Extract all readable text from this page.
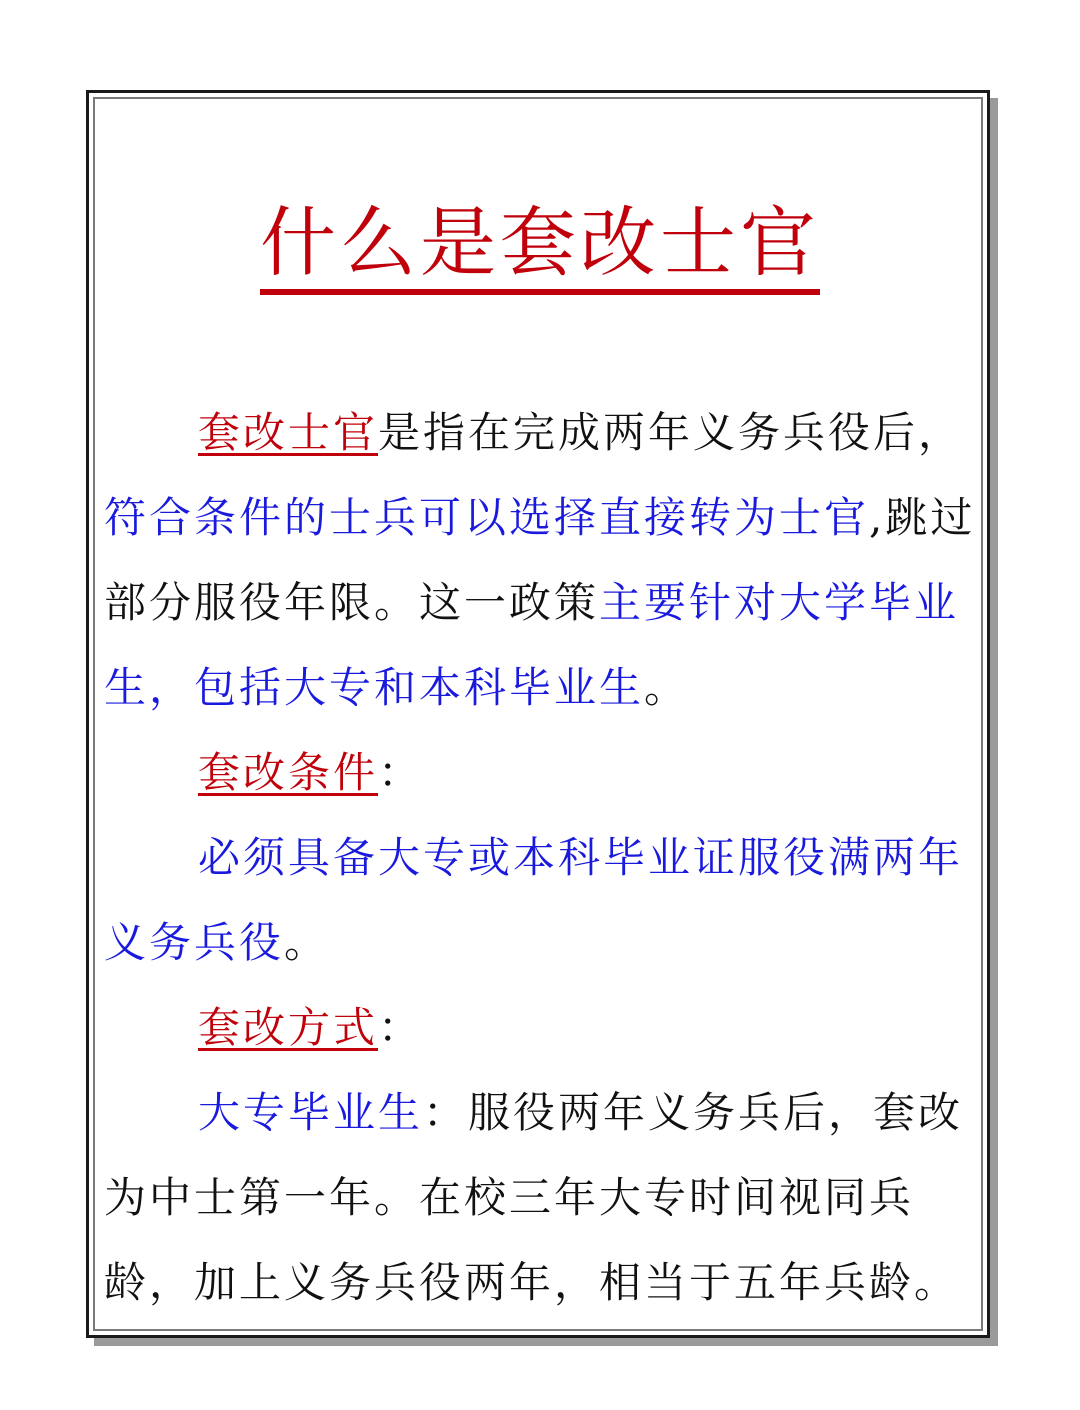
什么是套改士官

套改士官是指在完成两年义务兵役后，符合条件的士兵可以选择直接转为士官,跳过部分服役年限。这一政策主要针对大学毕业生，包括大专和本科毕业生。

套改条件：

必须具备大专或本科毕业证服役满两年义务兵役。

套改方式：

大专毕业生：服役两年义务兵后，套改为中士第一年。在校三年大专时间视同兵龄，加上义务兵役两年，相当于五年兵龄。
